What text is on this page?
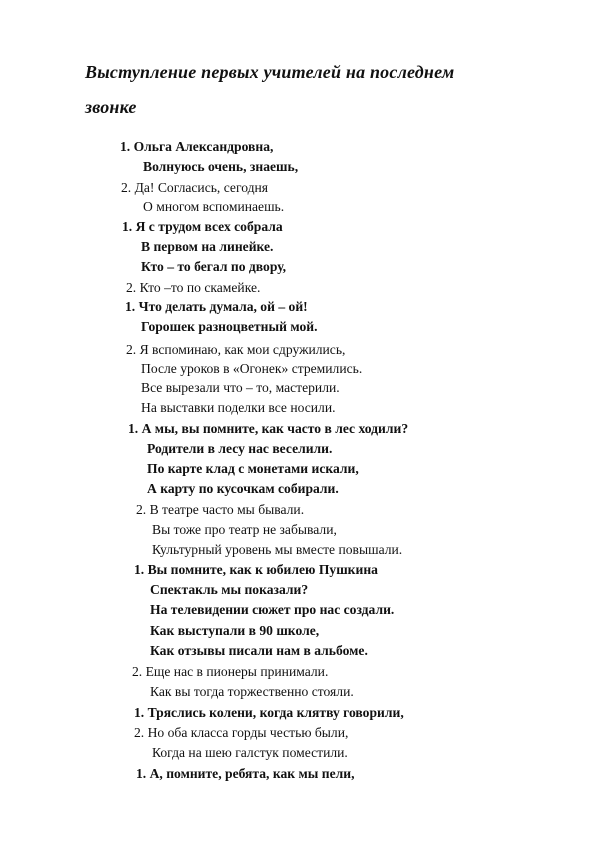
Выступление первых учителей на последнем
звонке
1. Ольга Александровна,
Волнуюсь очень, знаешь,
2. Да! Согласись, сегодня
О многом вспоминаешь.
1. Я с трудом всех собрала
В первом на линейке.
Кто – то бегал по двору,
2. Кто –то по скамейке.
1. Что делать думала, ой – ой!
Горошек разноцветный мой.
2. Я вспоминаю, как мои сдружились,
После уроков в «Огонек» стремились.
Все вырезали что – то, мастерили.
На выставки поделки все носили.
1. А мы, вы помните, как часто в лес ходили?
Родители в лесу нас веселили.
По карте клад с монетами искали,
А карту по кусочкам собирали.
2. В театре часто мы бывали.
Вы тоже про театр не забывали,
Культурный уровень мы вместе повышали.
1. Вы помните, как к юбилею Пушкина
Спектакль мы показали?
На телевидении сюжет про нас создали.
Как выступали в 90 школе,
Как отзывы писали нам в альбоме.
2. Еще нас в пионеры принимали.
Как вы тогда торжественно стояли.
1. Тряслись колени, когда клятву говорили,
2. Но оба класса горды честью были,
Когда на шею галстук поместили.
1. А, помните, ребята, как мы пели,
